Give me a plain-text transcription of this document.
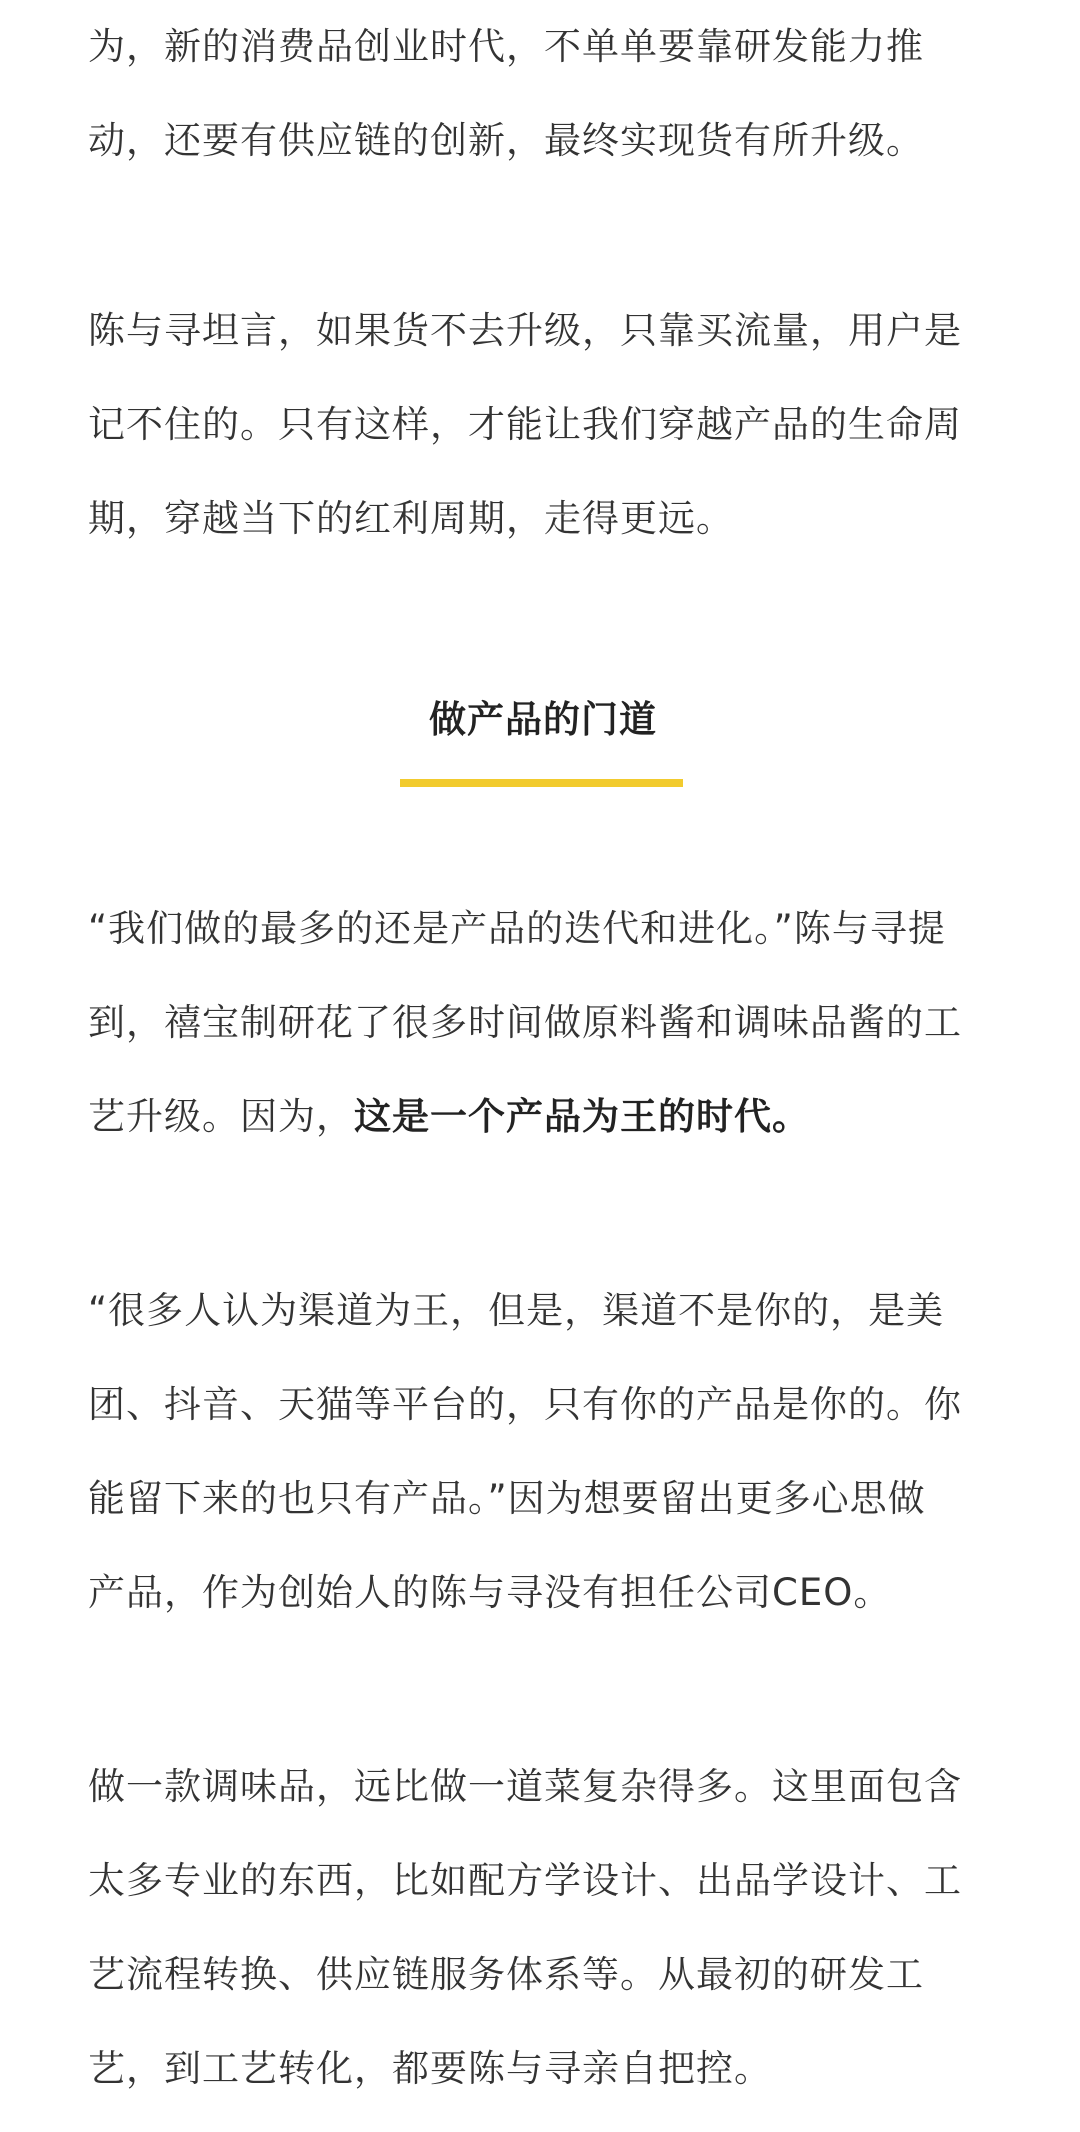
为，新的消费品创业时代，不单单要靠研发能力推
动，还要有供应链的创新，最终实现货有所升级。

陈与寻坦言，如果货不去升级，只靠买流量，用户是
记不住的。只有这样，才能让我们穿越产品的生命周
期，穿越当下的红利周期，走得更远。

做产品的门道

“我们做的最多的还是产品的迭代和进化。”陈与寻提
到，禧宝制研花了很多时间做原料酱和调味品酱的工
艺升级。因为，这是一个产品为王的时代。

“很多人认为渠道为王，但是，渠道不是你的，是美
团、抖音、天猫等平台的，只有你的产品是你的。你
能留下来的也只有产品。”因为想要留出更多心思做
产品，作为创始人的陈与寻没有担任公司CEO。

做一款调味品，远比做一道菜复杂得多。这里面包含
太多专业的东西，比如配方学设计、出品学设计、工
艺流程转换、供应链服务体系等。从最初的研发工
艺，到工艺转化，都要陈与寻亲自把控。
